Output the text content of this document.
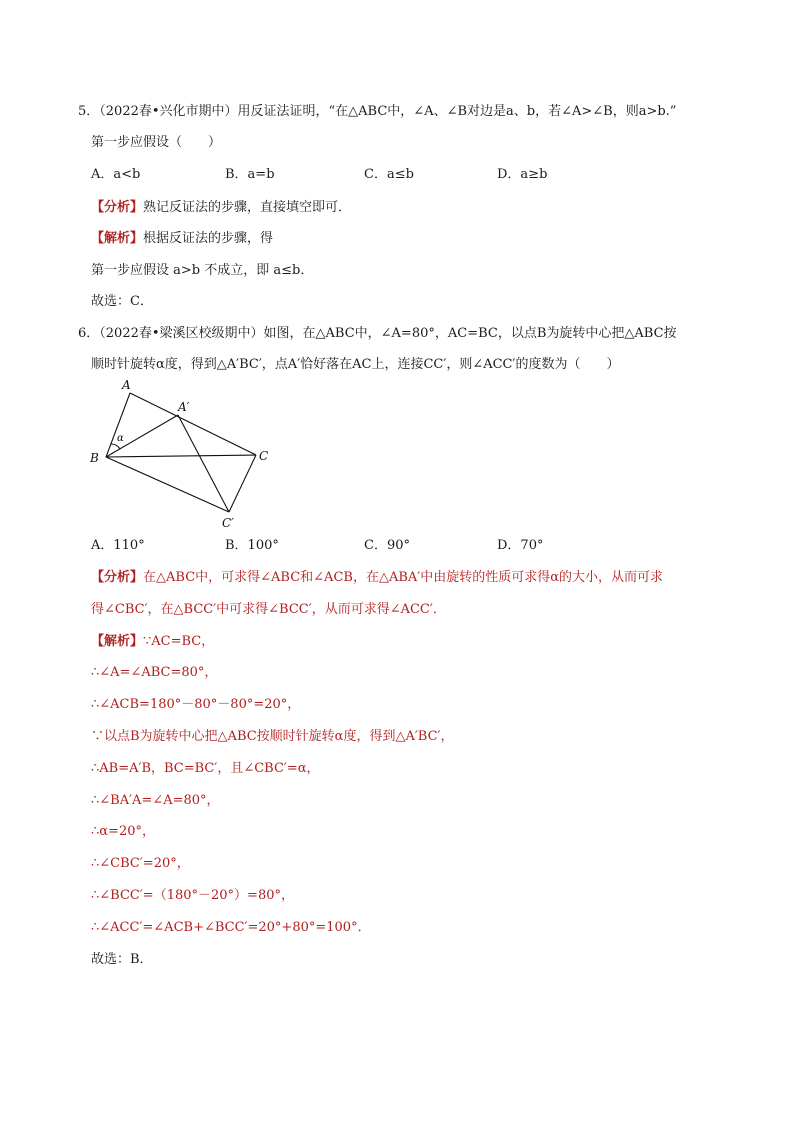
5．（2022春•兴化市期中）用反证法证明，“在△ABC中，∠A、∠B对边是a、b，若∠A>∠B，则a>b.”
第一步应假设（　　）
A．a<b	B．a=b	C．a≤b	D．a≥b
【分析】熟记反证法的步骤，直接填空即可．
【解析】根据反证法的步骤，得
第一步应假设 a>b 不成立，即 a≤b．
故选：C．
6．（2022春•梁溪区校级期中）如图，在△ABC中，∠A=80°，AC=BC，以点B为旋转中心把△ABC按
顺时针旋转α度，得到△A′BC′，点A′恰好落在AC上，连接CC′，则∠ACC′的度数为（　　）
A
A′
B	C
C′
α
A．110°	B．100°	C．90°	D．70°
【分析】在△ABC中，可求得∠ABC和∠ACB，在△ABA′中由旋转的性质可求得α的大小，从而可求
得∠CBC′，在△BCC′中可求得∠BCC′，从而可求得∠ACC′．
【解析】∵AC=BC，
∴∠A=∠ABC=80°，
∴∠ACB=180°－80°－80°=20°，
∵以点B为旋转中心把△ABC按顺时针旋转α度，得到△A′BC′，
∴AB=A′B，BC=BC′，且∠CBC′=α，
∴∠BA′A=∠A=80°，
∴α=20°，
∴∠CBC′=20°，
∴∠BCC′=（180°－20°）=80°，
∴∠ACC′=∠ACB+∠BCC′=20°+80°=100°．
故选：B．
